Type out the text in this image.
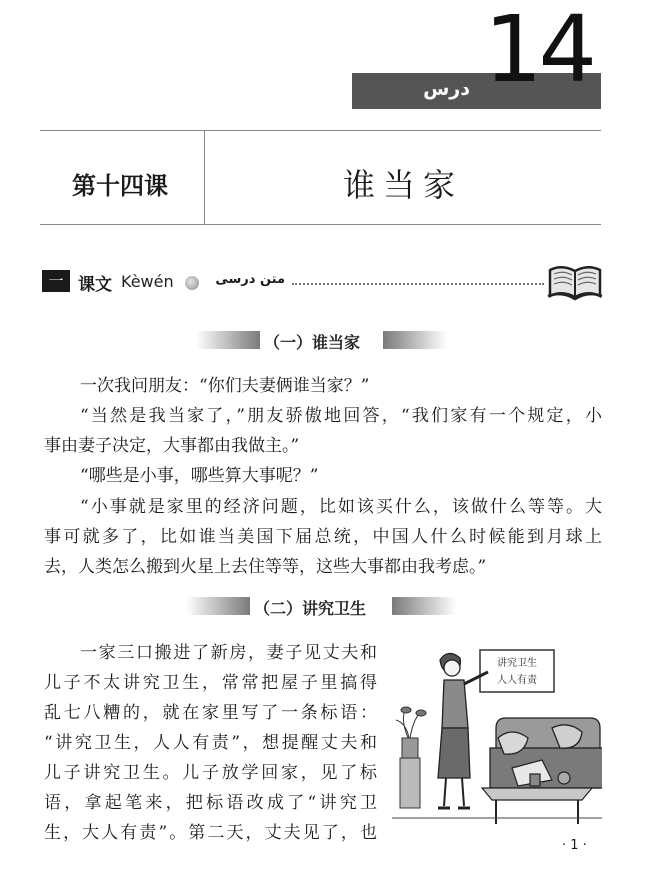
درس 14
第十四课	谁当家
一 课文 Kèwén	متن درسی
（一）谁当家
一次我问朋友：“你们夫妻俩谁当家？”
“当然是我当家了，”朋友骄傲地回答，“我们家有一个规定，小
事由妻子决定，大事都由我做主。”
“哪些是小事，哪些算大事呢？”
“小事就是家里的经济问题，比如该买什么，该做什么等等。大
事可就多了，比如谁当美国下届总统，中国人什么时候能到月球上
去，人类怎么搬到火星上去住等等，这些大事都由我考虑。”
（二）讲究卫生
一家三口搬进了新房，妻子见丈夫和
儿子不太讲究卫生，常常把屋子里搞得
乱七八糟的，就在家里写了一条标语：
“讲究卫生，人人有责”，想提醒丈夫和
儿子讲究卫生。儿子放学回家，见了标
语，拿起笔来，把标语改成了“讲究卫
生，大人有责”。第二天，丈夫见了，也
讲究卫生
人人有责
· 1 ·
